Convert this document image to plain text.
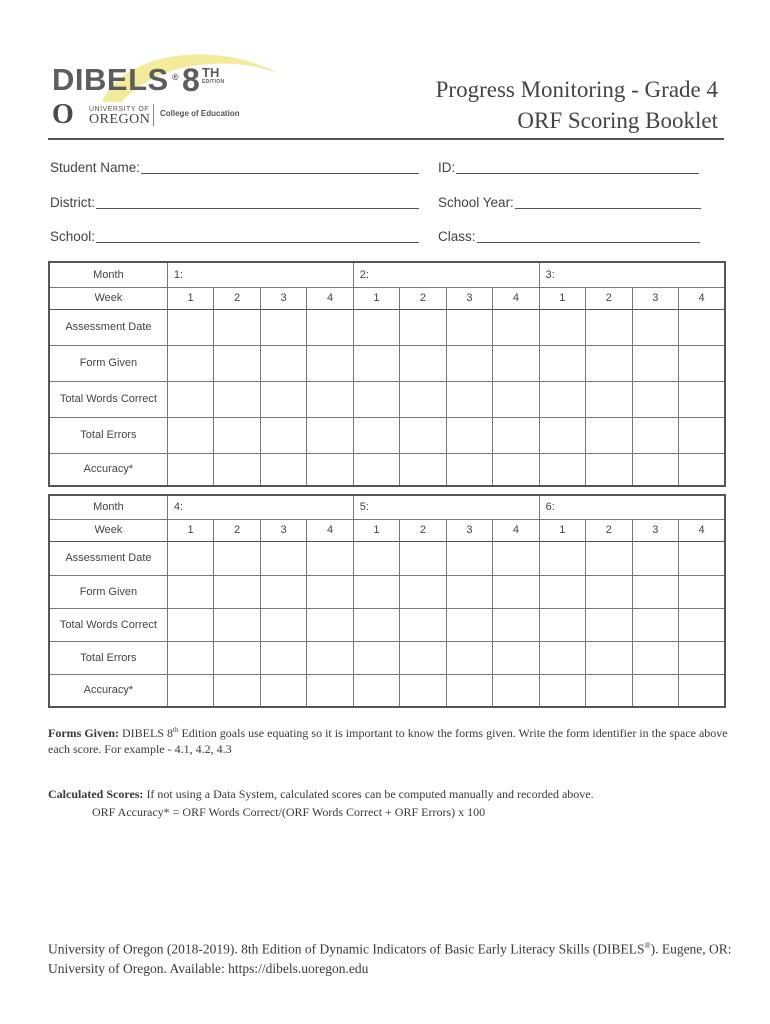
DIBELS ® 8 TH
EDITION
O UNIVERSITY OF
OREGON College of Education
Progress Monitoring - Grade 4
ORF Scoring Booklet
Student Name:	ID:
District:	School Year:
School:	Class:
Month	1:				2:				3:			
Week	1	2	3	4	1	2	3	4	1	2	3	4
Assessment Date												
Form Given												
Total Words Correct												
Total Errors												
Accuracy*												
Month	4:				5:				6:			
Week	1	2	3	4	1	2	3	4	1	2	3	4
Assessment Date												
Form Given												
Total Words Correct												
Total Errors												
Accuracy*												
Forms Given: DIBELS 8th Edition goals use equating so it is important to know the forms given. Write the form identifier in the space above each score. For example - 4.1, 4.2, 4.3
Calculated Scores: If not using a Data System, calculated scores can be computed manually and recorded above.
ORF Accuracy* = ORF Words Correct/(ORF Words Correct + ORF Errors) x 100
University of Oregon (2018-2019). 8th Edition of Dynamic Indicators of Basic Early Literacy Skills (DIBELS®). Eugene, OR: University of Oregon. Available: https://dibels.uoregon.edu
